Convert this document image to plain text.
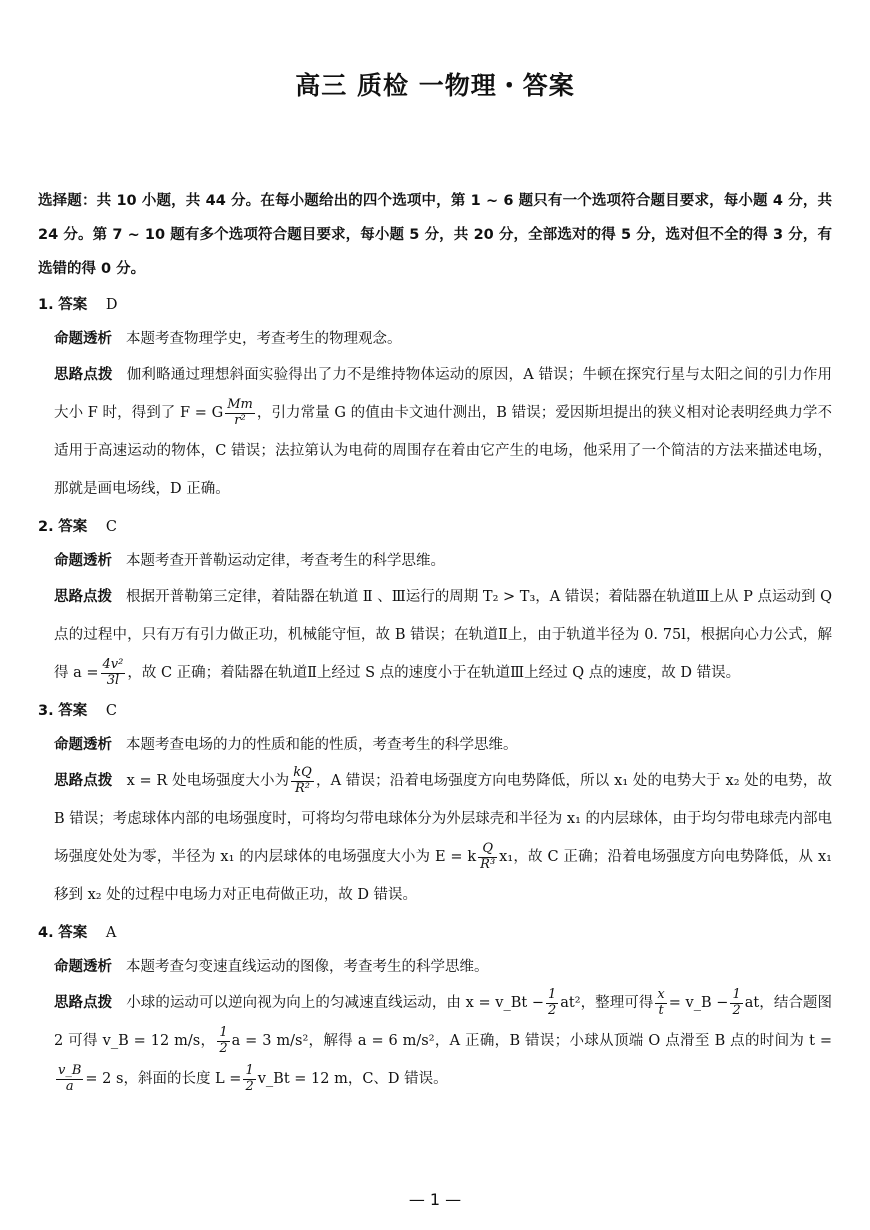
高三 质检 一物理・答案

选择题：共 10 小题，共 44 分。在每小题给出的四个选项中，第 1 ~ 6 题只有一个选项符合题目要求，每小题 4 分，共 24 分。第 7 ~ 10 题有多个选项符合题目要求，每小题 5 分，共 20 分，全部选对的得 5 分，选对但不全的得 3 分，有选错的得 0 分。

1. 答案 D
命题透析 本题考查物理学史，考查考生的物理观念。
思路点拨 伽利略通过理想斜面实验得出了力不是维持物体运动的原因，A 错误；牛顿在探究行星与太阳之间的引力作用大小 F 时，得到了 F = G $\frac{Mm}{\text{r²}}$ ，引力常量 G 的值由卡文迪什测出，B 错误；爱因斯坦提出的狭义相对论表明经典力学不适用于高速运动的物体，C 错误；法拉第认为电荷的周围存在着由它产生的电场，他采用了一个简洁的方法来描述电场，那就是画电场线，D 正确。
2. 答案 C
命题透析 本题考查开普勒运动定律，考查考生的科学思维。
思路点拨 根据开普勒第三定律，着陆器在轨道 Ⅱ 、Ⅲ运行的周期 T₂ > T₃，A 错误；着陆器在轨道Ⅲ上从 P 点运动到 Q 点的过程中，只有万有引力做正功，机械能守恒，故 B 错误；在轨道Ⅱ上，由于轨道半径为 0. 75l，根据向心力公式，解得 $a = \frac{\text{4v²}}{3l}$ ，故 C 正确；着陆器在轨道Ⅱ上经过 S 点的速度小于在轨道Ⅲ上经过 Q 点的速度，故 D 错误。
3. 答案 C
命题透析 本题考查电场的力的性质和能的性质，考查考生的科学思维。
思路点拨 x = R 处电场强度大小为 $\frac{kQ}{\text{R²}}$ ，A 错误；沿着电场强度方向电势降低，所以 x₁ 处的电势大于 x₂ 处的电势，故 B 错误；考虑球体内部的电场强度时，可将均匀带电球体分为外层球壳和半径为 x₁ 的内层球体，由于均匀带电球壳内部电场强度处处为零，半径为 x₁ 的内层球体的电场强度大小为 E = k $\frac{Q}{\text{R³}} x_1$，故 C 正确；沿着电场强度方向电势降低，从 x₁ 移到 x₂ 处的过程中电场力对正电荷做正功，故 D 错误。
4. 答案 A
命题透析 本题考查匀变速直线运动的图像，考查考生的科学思维。
思路点拨 小球的运动可以逆向视为向上的匀减速直线运动，由 x = v_Bt − $\frac{1}{2} at^2$，整理可得 $\frac{x}{t}$ = v_B − $\frac{1}{2}$ at，结合题图 2 可得 v_B = 12 m/s， $\frac{1}{2}$ a = 3 m/s²，解得 a = 6 m/s²，A 正确，B 错误；小球从顶端 O 点滑至 B 点的时间为 t =
$\frac{v\_B}{a} = 2$ s，斜面的长度 $L = \frac{1}{2}$ v_Bt = 12 m，C、D 错误。
— 1 —
